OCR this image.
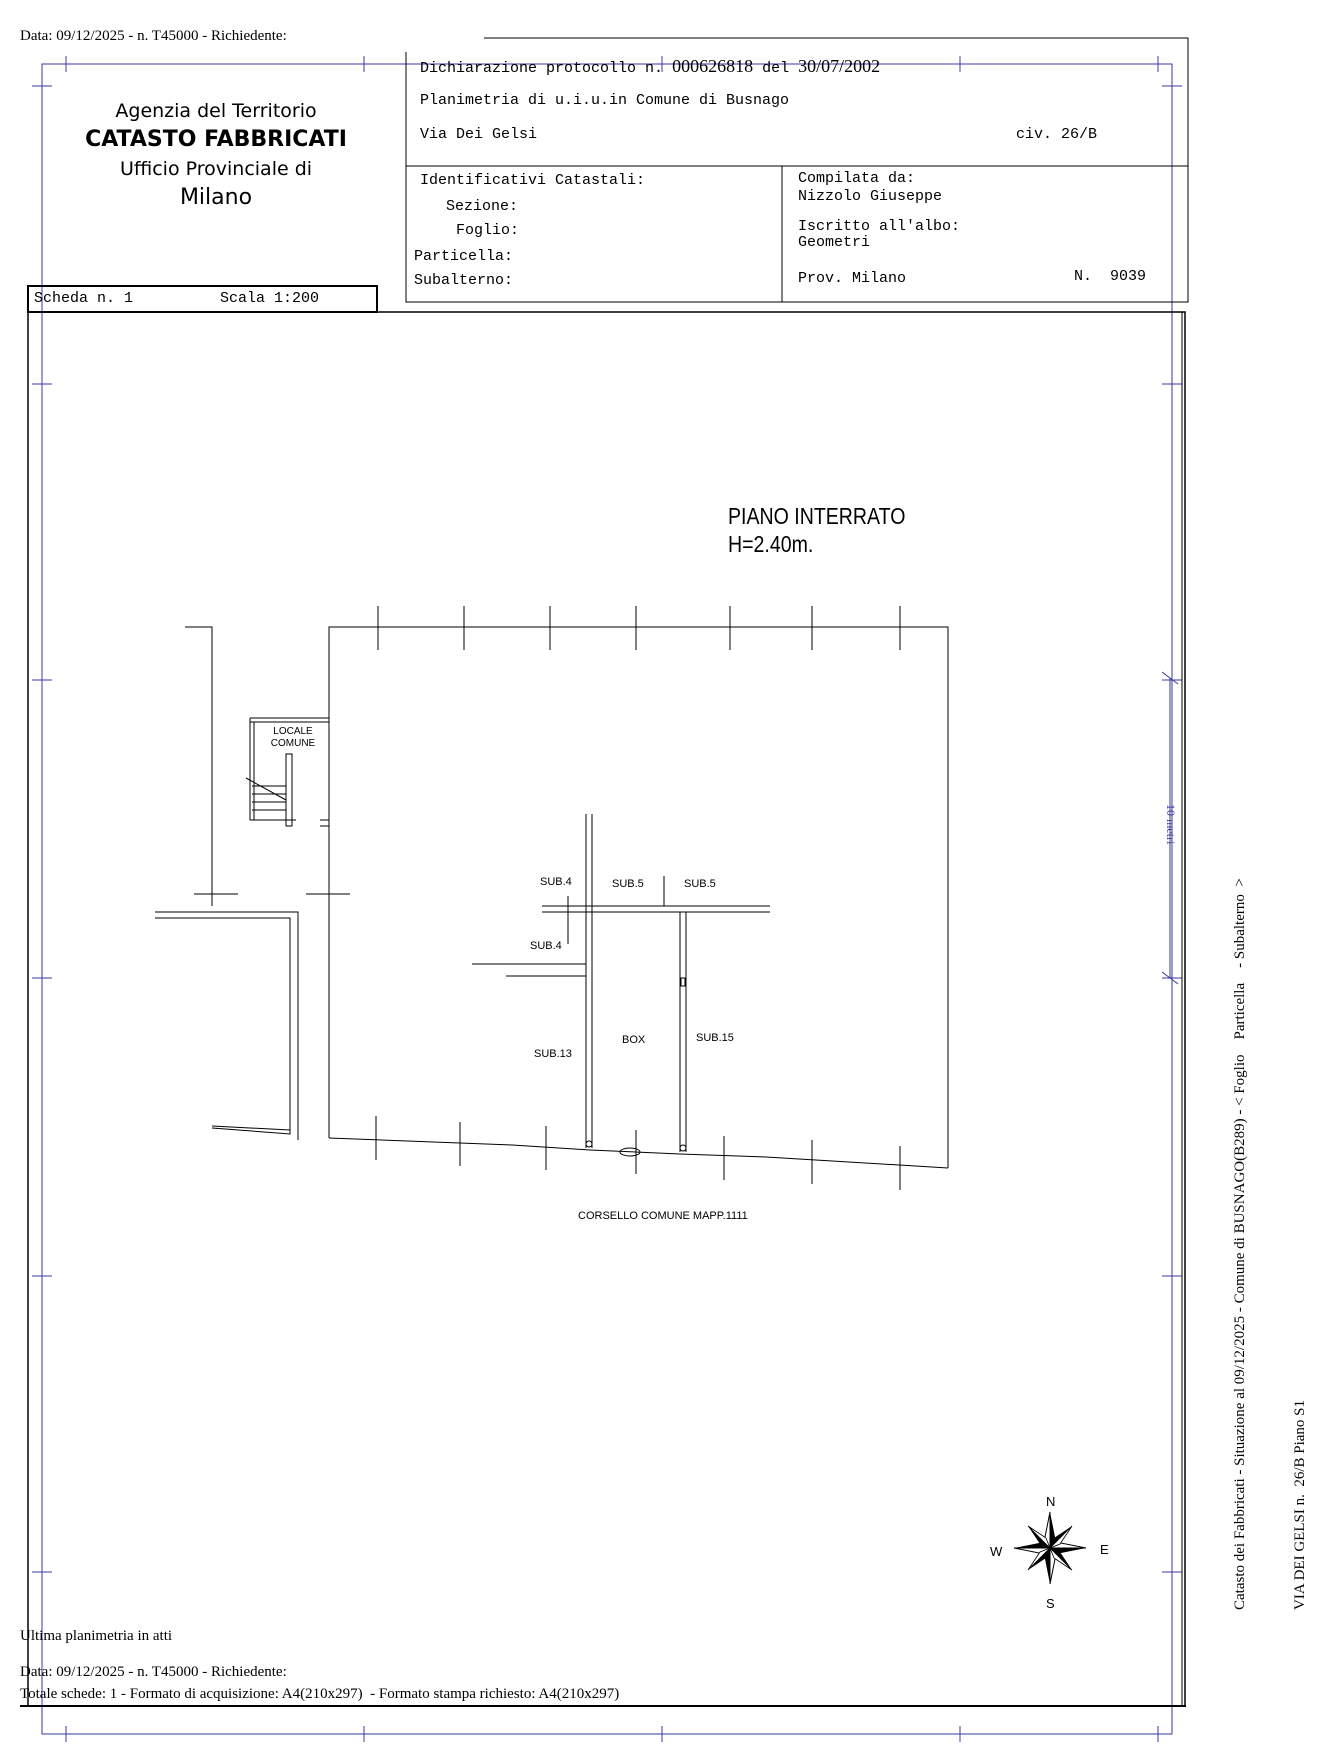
Data: 09/12/2025 - n. T45000 - Richiedente:
Agenzia del Territorio
CATASTO FABBRICATI
Ufficio Provinciale di
Milano
Dichiarazione protocollo n. 000626818 del 30/07/2002
Planimetria di u.i.u.in Comune di Busnago
Via Dei Gelsi	civ. 26/B
Identificativi Catastali:
Sezione:
Foglio:
Particella:
Subalterno:
Compilata da:
Nizzolo Giuseppe
Iscritto all'albo:
Geometri
Prov. Milano	N.  9039
Scheda n. 1	Scala 1:200
PIANO INTERRATO
H=2.40m.
LOCALE
COMUNE
SUB.4	SUB.5	SUB.5
SUB.4
SUB.13
BOX	SUB.15
CORSELLO COMUNE MAPP.1111
N
S
E
W

	Catasto dei Fabbricati - Situazione al 09/12/2025 - Comune di BUSNAGO(B289) - < Foglio    Particella    - Subalterno  >

	VIA DEI GELSI n.  26/B Piano S1

10 metri
Ultima planimetria in atti
Data: 09/12/2025 - n. T45000 - Richiedente:
Totale schede: 1 - Formato di acquisizione: A4(210x297)  - Formato stampa richiesto: A4(210x297)
